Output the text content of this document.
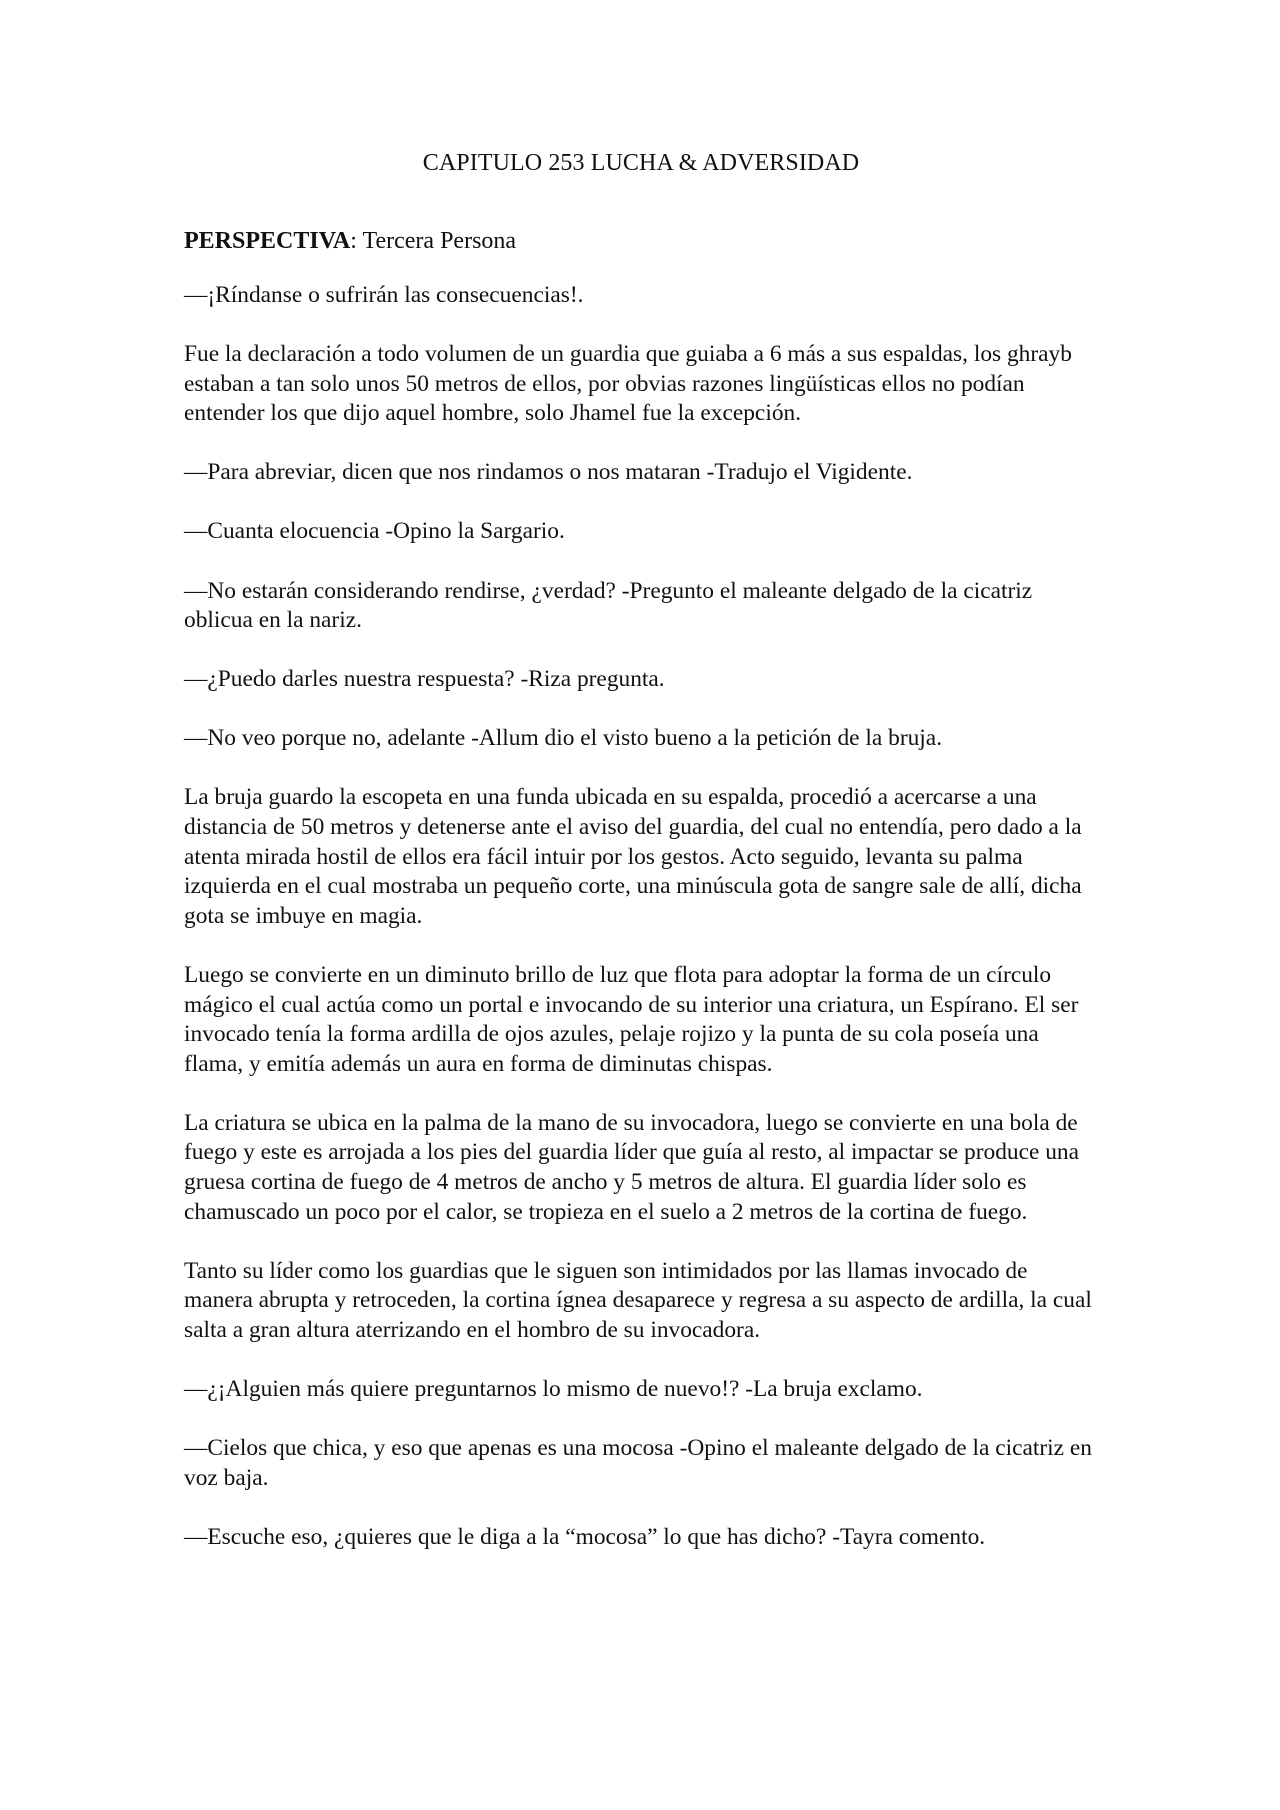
CAPITULO 253 LUCHA & ADVERSIDAD

PERSPECTIVA: Tercera Persona

—¡Ríndanse o sufrirán las consecuencias!.

Fue la declaración a todo volumen de un guardia que guiaba a 6 más a sus espaldas, los ghrayb estaban a tan solo unos 50 metros de ellos, por obvias razones lingüísticas ellos no podían entender los que dijo aquel hombre, solo Jhamel fue la excepción.

—Para abreviar, dicen que nos rindamos o nos mataran -Tradujo el Vigidente.

—Cuanta elocuencia -Opino la Sargario.

—No estarán considerando rendirse, ¿verdad? -Pregunto el maleante delgado de la cicatriz oblicua en la nariz.

—¿Puedo darles nuestra respuesta? -Riza pregunta.

—No veo porque no, adelante -Allum dio el visto bueno a la petición de la bruja.

La bruja guardo la escopeta en una funda ubicada en su espalda, procedió a acercarse a una distancia de 50 metros y detenerse ante el aviso del guardia, del cual no entendía, pero dado a la atenta mirada hostil de ellos era fácil intuir por los gestos. Acto seguido, levanta su palma izquierda en el cual mostraba un pequeño corte, una minúscula gota de sangre sale de allí, dicha gota se imbuye en magia.

Luego se convierte en un diminuto brillo de luz que flota para adoptar la forma de un círculo mágico el cual actúa como un portal e invocando de su interior una criatura, un Espírano. El ser invocado tenía la forma ardilla de ojos azules, pelaje rojizo y la punta de su cola poseía una flama, y emitía además un aura en forma de diminutas chispas.

La criatura se ubica en la palma de la mano de su invocadora, luego se convierte en una bola de fuego y este es arrojada a los pies del guardia líder que guía al resto, al impactar se produce una gruesa cortina de fuego de 4 metros de ancho y 5 metros de altura. El guardia líder solo es chamuscado un poco por el calor, se tropieza en el suelo a 2 metros de la cortina de fuego.

Tanto su líder como los guardias que le siguen son intimidados por las llamas invocado de manera abrupta y retroceden, la cortina ígnea desaparece y regresa a su aspecto de ardilla, la cual salta a gran altura aterrizando en el hombro de su invocadora.

—¿¡Alguien más quiere preguntarnos lo mismo de nuevo!? -La bruja exclamo.

—Cielos que chica, y eso que apenas es una mocosa -Opino el maleante delgado de la cicatriz en voz baja.

—Escuche eso, ¿quieres que le diga a la “mocosa” lo que has dicho? -Tayra comento.
